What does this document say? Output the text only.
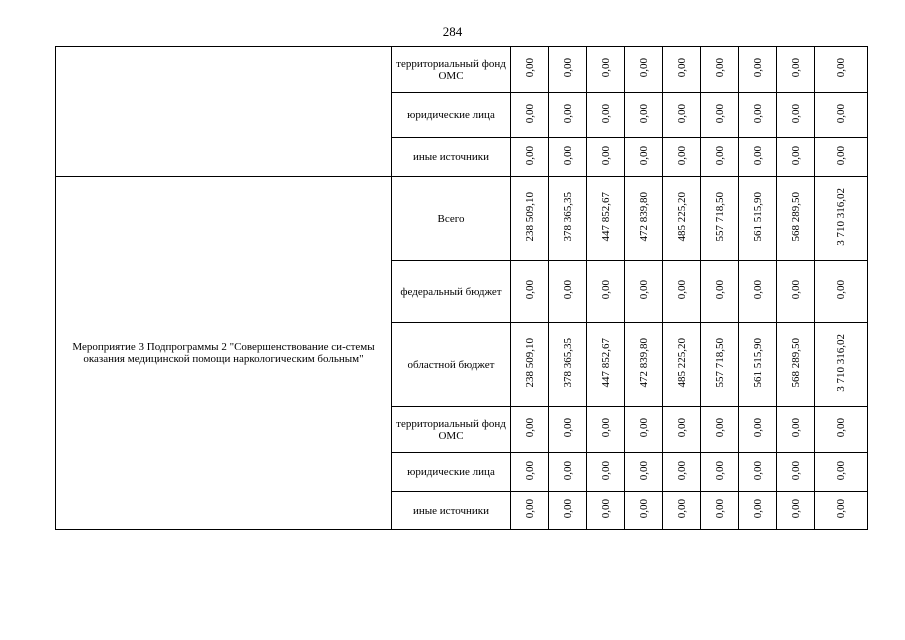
284
	территориальный фонд ОМС	0,00	0,00	0,00	0,00	0,00	0,00	0,00	0,00	0,00
	юридические лица	0,00	0,00	0,00	0,00	0,00	0,00	0,00	0,00	0,00
	иные источники	0,00	0,00	0,00	0,00	0,00	0,00	0,00	0,00	0,00
Мероприятие 3 Подпрограммы 2 "Совершенствование си-стемы оказания медицинской помощи наркологическим больным"	Всего	238 509,10	378 365,35	447 852,67	472 839,80	485 225,20	557 718,50	561 515,90	568 289,50	3 710 316,02
	федеральный бюджет	0,00	0,00	0,00	0,00	0,00	0,00	0,00	0,00	0,00
	областной бюджет	238 509,10	378 365,35	447 852,67	472 839,80	485 225,20	557 718,50	561 515,90	568 289,50	3 710 316,02
	территориальный фонд ОМС	0,00	0,00	0,00	0,00	0,00	0,00	0,00	0,00	0,00
	юридические лица	0,00	0,00	0,00	0,00	0,00	0,00	0,00	0,00	0,00
	иные источники	0,00	0,00	0,00	0,00	0,00	0,00	0,00	0,00	0,00
